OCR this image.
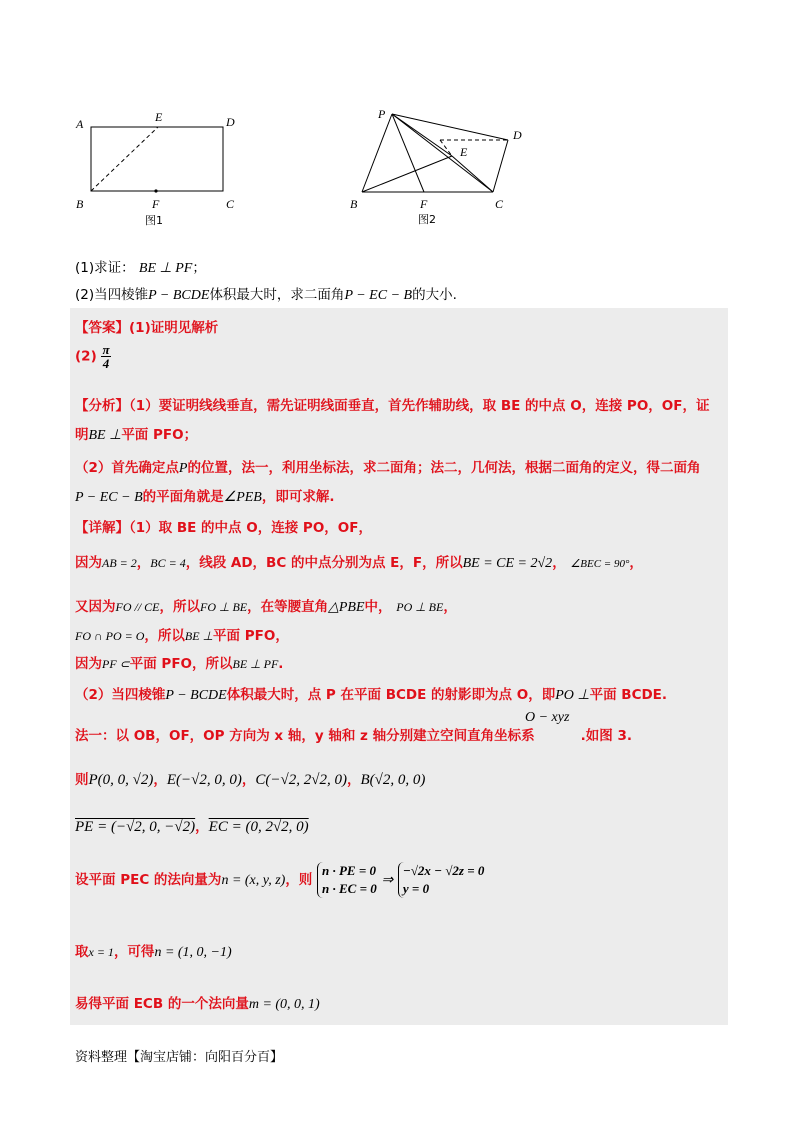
A	E	D
B	F	C
图1
P
D
E
B	F	C
图2
(1)求证： BE ⊥ PF；
(2)当四棱锥P − BCDE体积最大时，求二面角P − EC − B的大小.
【答案】(1)证明见解析
$(2) \frac{\pi}{4}$
【分析】（1）要证明线线垂直，需先证明线面垂直，首先作辅助线，取 BE 的中点 O，连接 PO，OF，证
明BE ⊥平面 PFO；
（2）首先确定点P的位置，法一，利用坐标法，求二面角；法二，几何法，根据二面角的定义，得二面角
P − EC − B的平面角就是∠PEB，即可求解.
【详解】（1）取 BE 的中点 O，连接 PO，OF，
因为AB = 2，BC = 4，线段 AD，BC 的中点分别为点 E，F，所以BE = CE = 2√2， ∠BEC = 90°，
又因为FO // CE，所以FO ⊥ BE，在等腰直角△PBE中， PO ⊥ BE，
FO ∩ PO = O，所以BE ⊥平面 PFO，
因为PF ⊂平面 PFO，所以BE ⊥ PF.
（2）当四棱锥P − BCDE体积最大时，点 P 在平面 BCDE 的射影即为点 O，即PO ⊥平面 BCDE.
O − xyz
法一：以 OB，OF，OP 方向为 x 轴，y 轴和 z 轴分别建立空间直角坐标系	.如图 3.
则P(0, 0, √2)，E(−√2, 0, 0)，C(−√2, 2√2, 0)，B(√2, 0, 0)
PE = (−√2, 0, −√2)，EC = (0, 2√2, 0)
设平面 PEC 的法向量为n = (x, y, z)，则
n · PE = 0
n · EC = 0
⇒
−√2x − √2z = 0
y = 0
取x = 1，可得n = (1, 0, −1)
易得平面 ECB 的一个法向量m = (0, 0, 1)
资料整理【淘宝店铺：向阳百分百】
